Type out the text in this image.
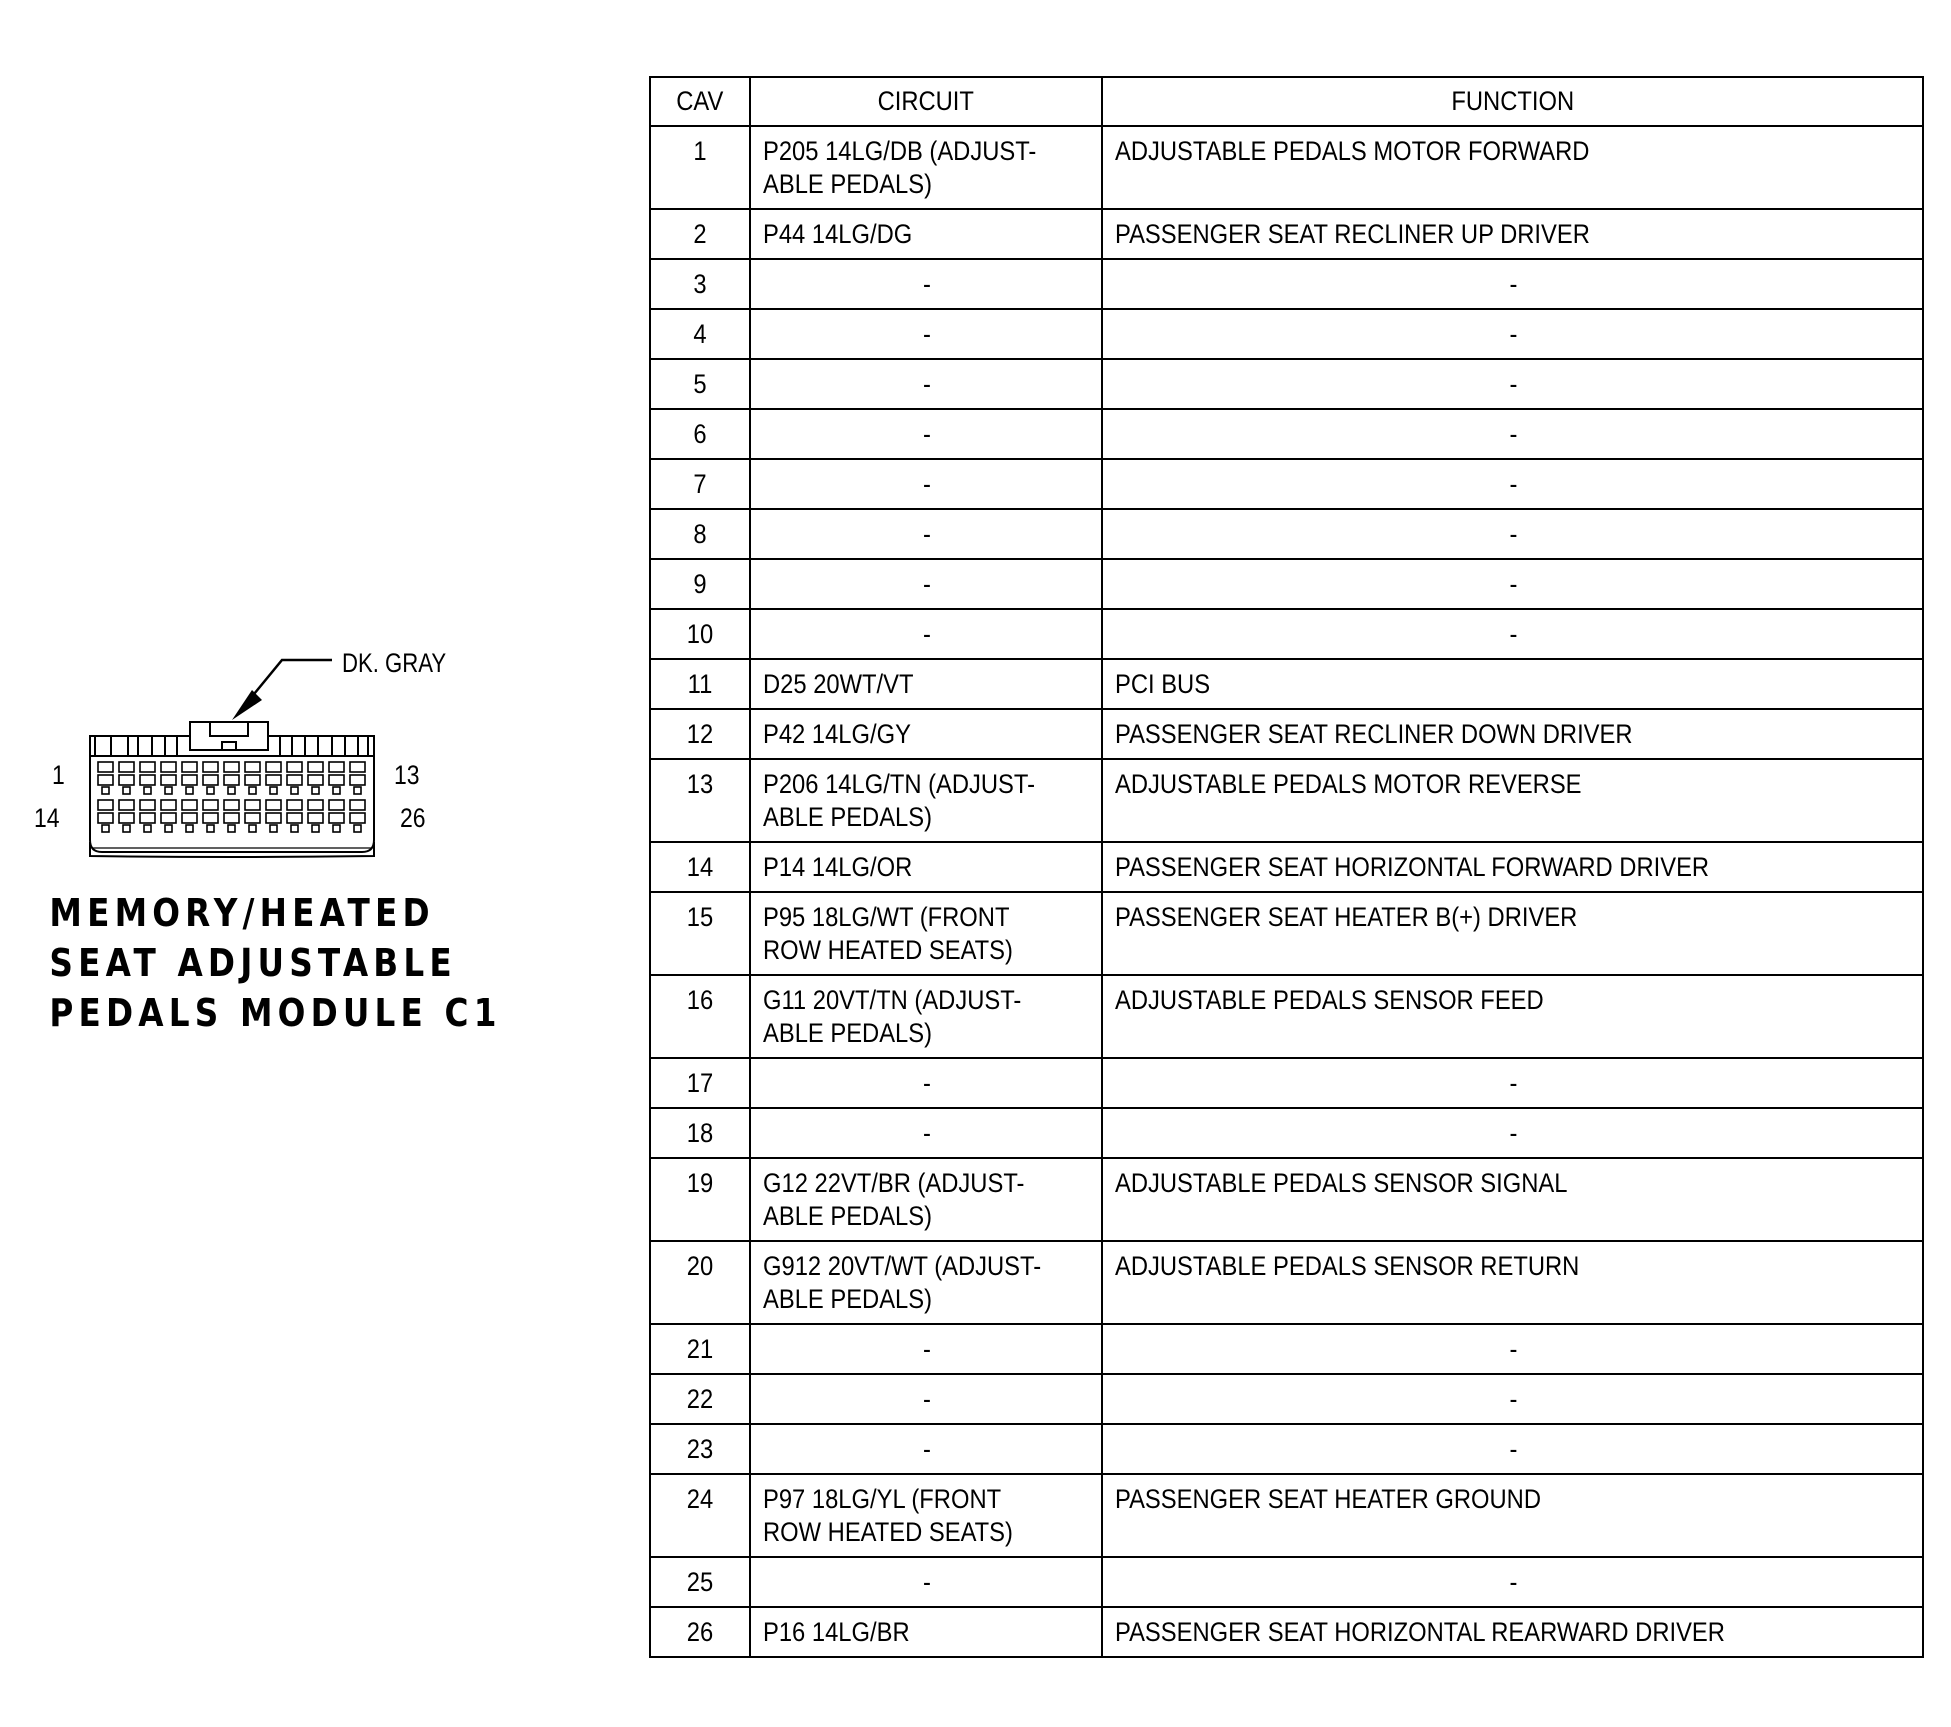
DK. GRAY
1	13
14	26
MEMORY/HEATED
SEAT ADJUSTABLE
PEDALS MODULE C1
CAV	CIRCUIT	FUNCTION

1	P205 14LG/DB (ADJUST-
ABLE PEDALS)	ADJUSTABLE PEDALS MOTOR FORWARD

2	P44 14LG/DG	PASSENGER SEAT RECLINER UP DRIVER

3	-	-

4	-	-

5	-	-

6	-	-

7	-	-

8	-	-

9	-	-

10	-	-

11	D25 20WT/VT	PCI BUS

12	P42 14LG/GY	PASSENGER SEAT RECLINER DOWN DRIVER

13	P206 14LG/TN (ADJUST-
ABLE PEDALS)	ADJUSTABLE PEDALS MOTOR REVERSE

14	P14 14LG/OR	PASSENGER SEAT HORIZONTAL FORWARD DRIVER

15	P95 18LG/WT (FRONT
ROW HEATED SEATS)	PASSENGER SEAT HEATER B(+) DRIVER

16	G11 20VT/TN (ADJUST-
ABLE PEDALS)	ADJUSTABLE PEDALS SENSOR FEED

17	-	-

18	-	-

19	G12 22VT/BR (ADJUST-
ABLE PEDALS)	ADJUSTABLE PEDALS SENSOR SIGNAL

20	G912 20VT/WT (ADJUST-
ABLE PEDALS)	ADJUSTABLE PEDALS SENSOR RETURN

21	-	-

22	-	-

23	-	-

24	P97 18LG/YL (FRONT
ROW HEATED SEATS)	PASSENGER SEAT HEATER GROUND

25	-	-

26	P16 14LG/BR	PASSENGER SEAT HORIZONTAL REARWARD DRIVER
